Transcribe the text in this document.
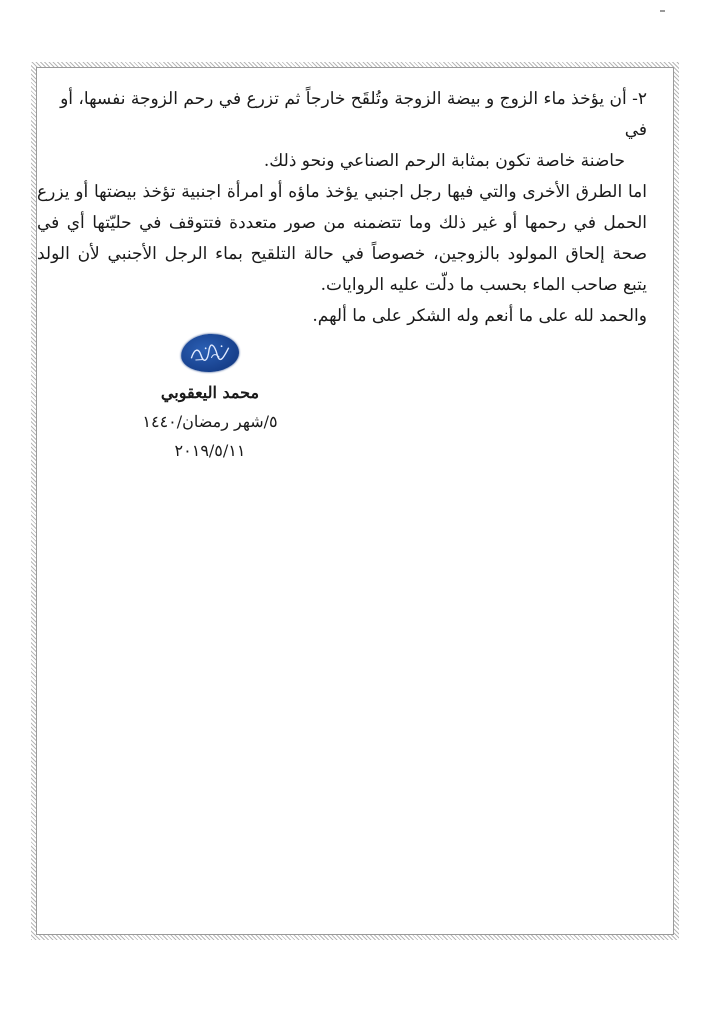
٢- أن يؤخذ ماء الزوج و بيضة الزوجة وتُلقَح خارجاً ثم تزرع في رحم الزوجة نفسها، أو في

حاضنة خاصة تكون بمثابة الرحم الصناعي ونحو ذلك.

اما الطرق الأخرى والتي فيها رجل اجنبي يؤخذ ماؤه أو امرأة اجنبية تؤخذ بيضتها أو يزرع الحمل في رحمها أو غير ذلك وما تتضمنه من صور متعددة فتتوقف في حليّتها أي في صحة إلحاق المولود بالزوجين، خصوصاً في حالة التلقيح بماء الرجل الأجنبي لأن الولد يتبع صاحب الماء بحسب ما دلّت عليه الروايات.

والحمد لله على ما أنعم وله الشكر على ما ألهم.

محمد اليعقوبي
٥/شهر رمضان/١٤٤٠
٢٠١٩/٥/١١
